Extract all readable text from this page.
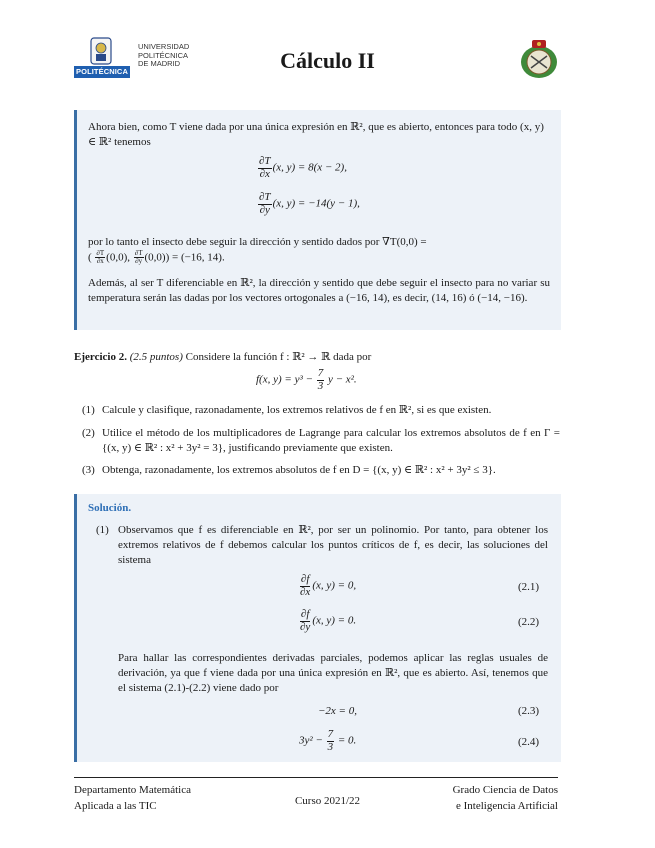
POLITÉCNICA
UNIVERSIDAD
POLITÉCNICA
DE MADRID	Cálculo II
Ahora bien, como T viene dada por una única expresión en ℝ², que es abierto, entonces para todo (x, y) ∈ ℝ² tenemos
$\frac{\partial T}{\partial x} (x$, y) = 8(x − 2),
$\frac{\partial T}{\partial y} (x$, y) = −14(y − 1),
por lo tanto el insecto debe seguir la dirección y sentido dados por ∇T(0,0) =
( $\frac{\partial T}{\partial x} (0,0)$, $\frac{\partial T}{\partial y} (0,0)) = (-16$, 14).
Además, al ser T diferenciable en ℝ², la dirección y sentido que debe seguir el insecto para no variar su temperatura serán las dadas por los vectores ortogonales a (−16, 14), es decir, (14, 16) ó (−14, −16).
Ejercicio 2. (2.5 puntos) Considere la función f : ℝ² → ℝ dada por
f(x, $y) = y^3 - \frac{7}{3}$ y − x².
(1) Calcule y clasifique, razonadamente, los extremos relativos de f en ℝ², si es que existen.
(2) Utilice el método de los multiplicadores de Lagrange para calcular los extremos absolutos de f en Γ = {(x, y) ∈ ℝ² : x² + 3y² = 3}, justificando previamente que existen.
(3) Obtenga, razonadamente, los extremos absolutos de f en D = {(x, y) ∈ ℝ² : x² + 3y² ≤ 3}.
Solución.
(1) Observamos que f es diferenciable en ℝ², por ser un polinomio. Por tanto, para obtener los extremos relativos de f debemos calcular los puntos críticos de f, es decir, las soluciones del sistema
$\frac{\partial f}{\partial x} (x$, y) = 0,	(2.1)
$\frac{\partial f}{\partial y} (x$, y) = 0.	(2.2)
Para hallar las correspondientes derivadas parciales, podemos aplicar las reglas usuales de derivación, ya que f viene dada por una única expresión en ℝ², que es abierto. Así, tenemos que el sistema (2.1)-(2.2) viene dado por
−2x = 0,	(2.3)
$3y^2 - \frac{7}{3} = 0$.	(2.4)
Departamento Matemática
Aplicada a las TIC	Curso 2021/22
Grado Ciencia de Datos
e Inteligencia Artificial
